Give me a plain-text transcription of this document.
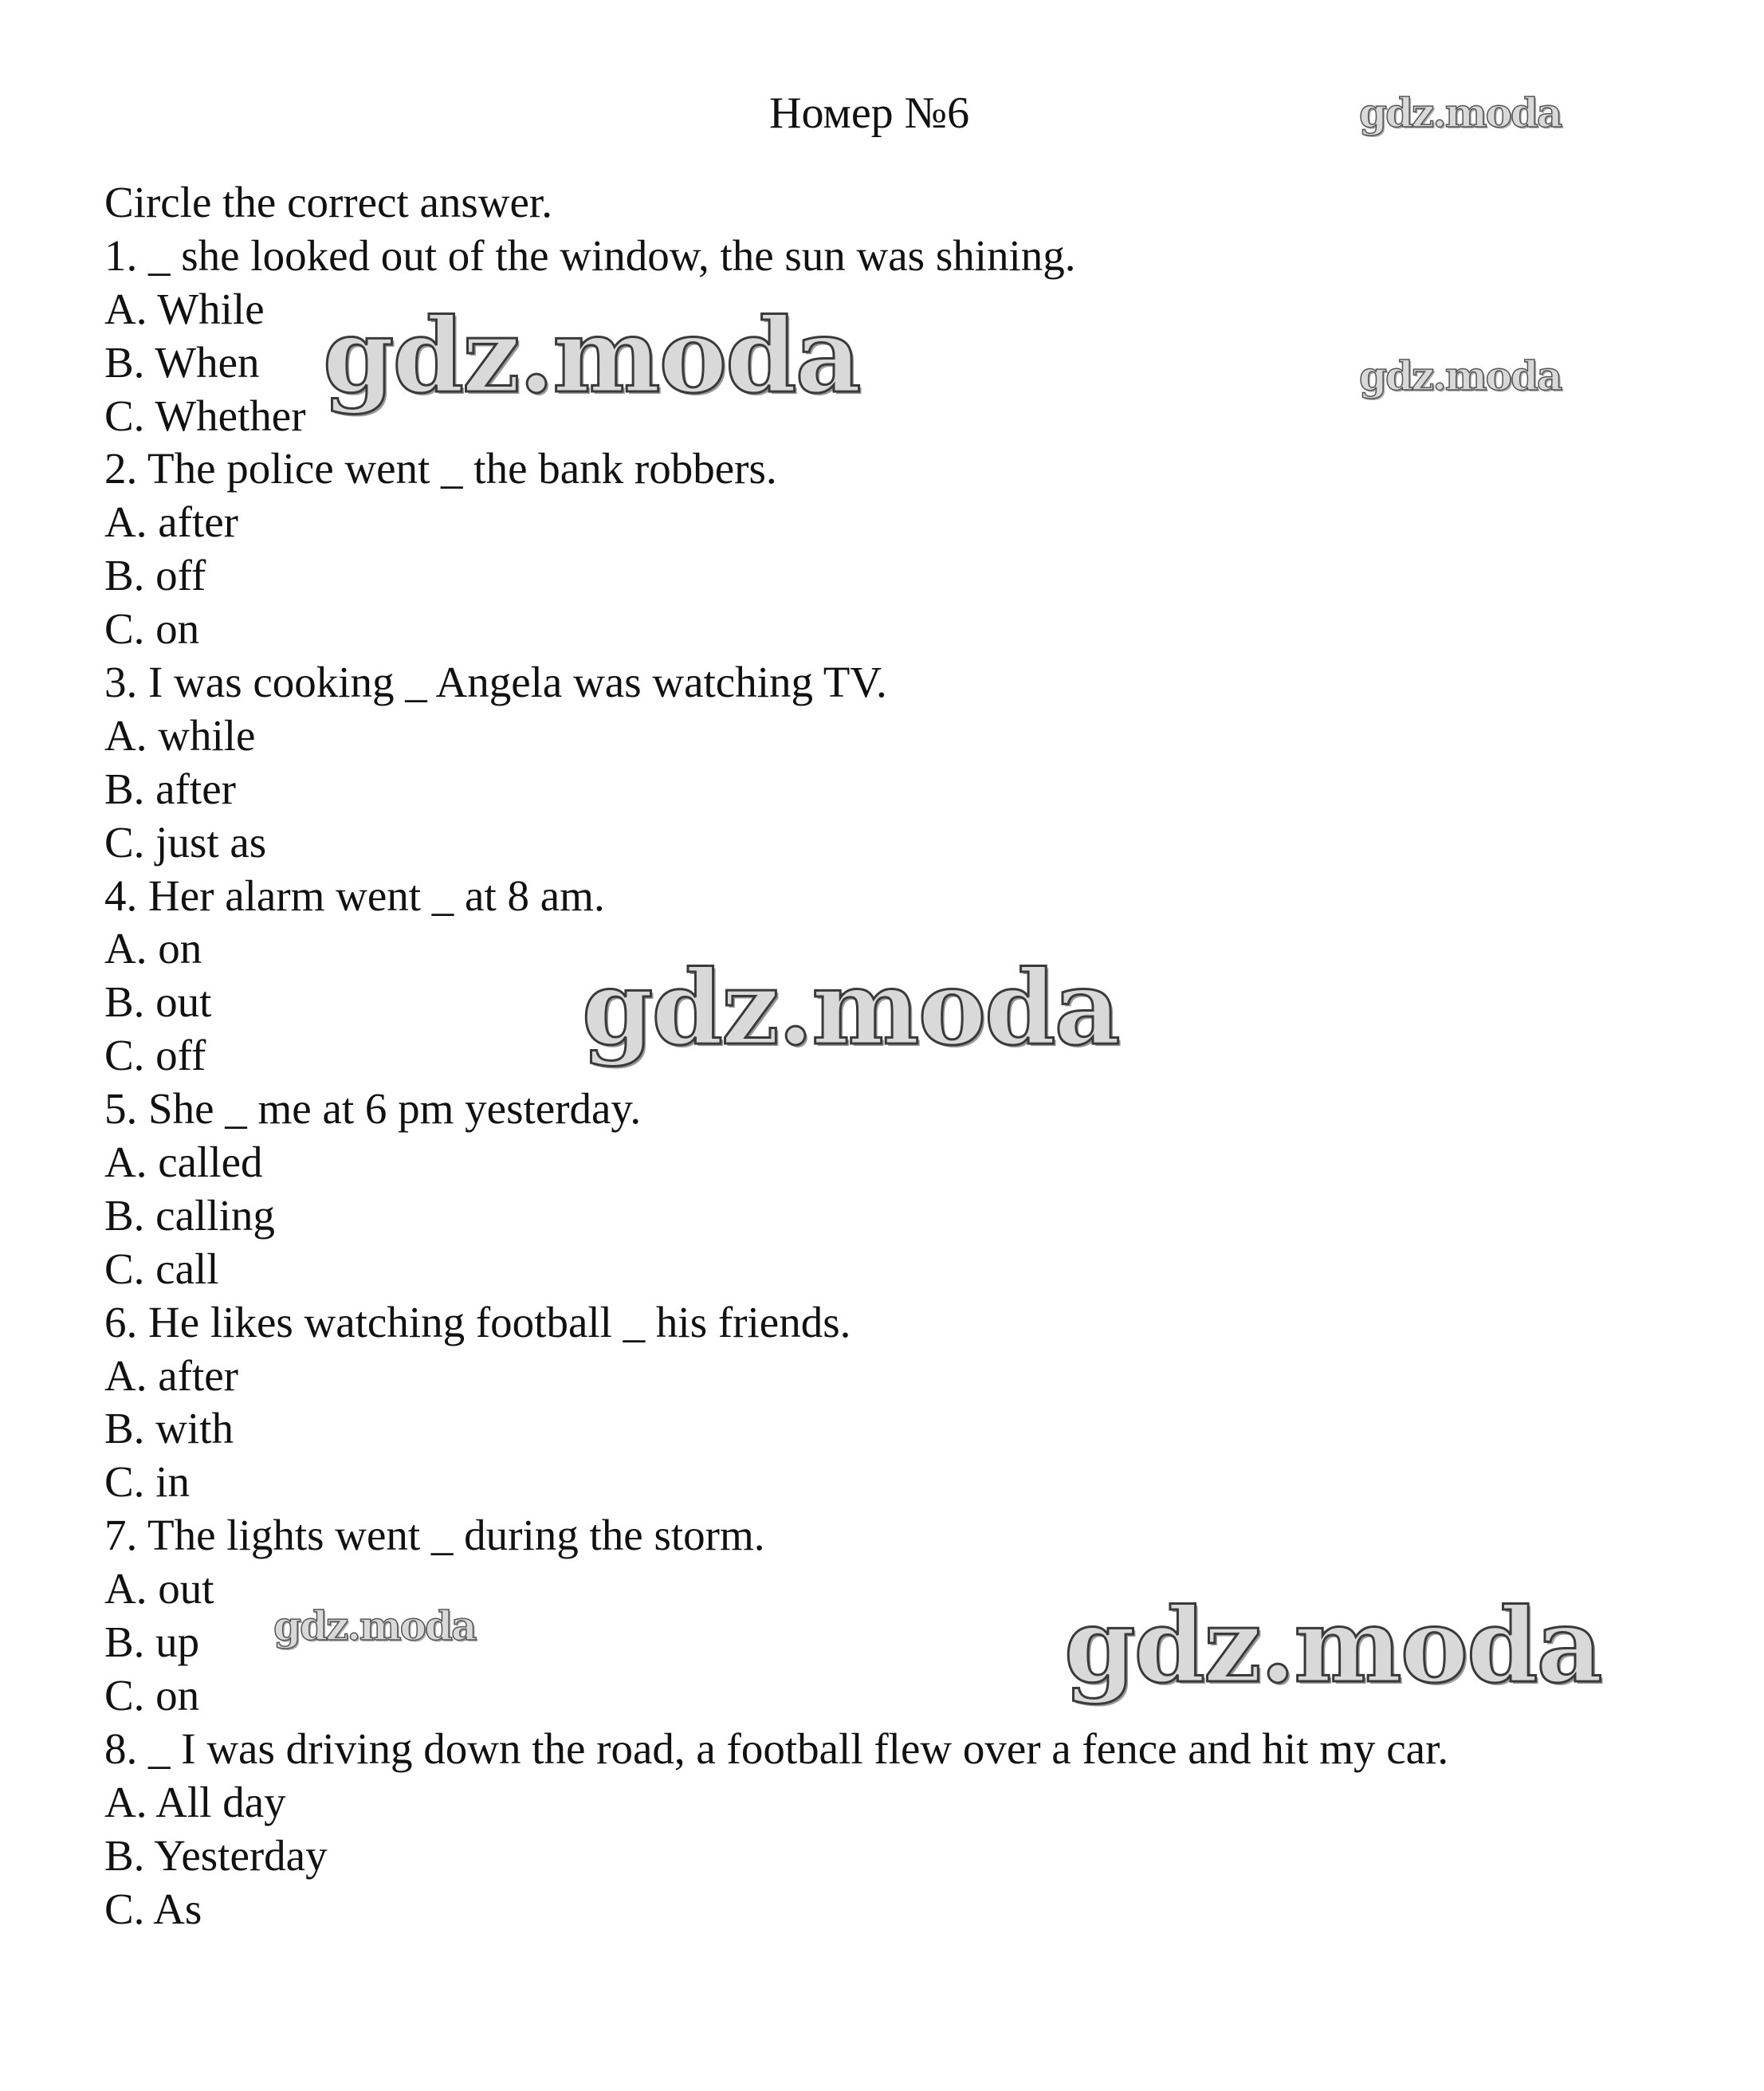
Номер №6
Circle the correct answer.
1. _ she looked out of the window, the sun was shining.
A. While
B. When
C. Whether
2. The police went _ the bank robbers.
A. after
B. off
C. on
3. I was cooking _ Angela was watching TV.
A. while
B. after
C. just as
4. Her alarm went _ at 8 am.
A. on
B. out
C. off
5. She _ me at 6 pm yesterday.
A. called
B. calling
C. call
6. He likes watching football _ his friends.
A. after
B. with
C. in
7. The lights went _ during the storm.
A. out
B. up
C. on
8. _ I was driving down the road, a football flew over a fence and hit my car.
A. All day
B. Yesterday
C. As
gdz.moda
gdz.moda
gdz.moda
gdz.moda
gdz.moda	gdz.moda
